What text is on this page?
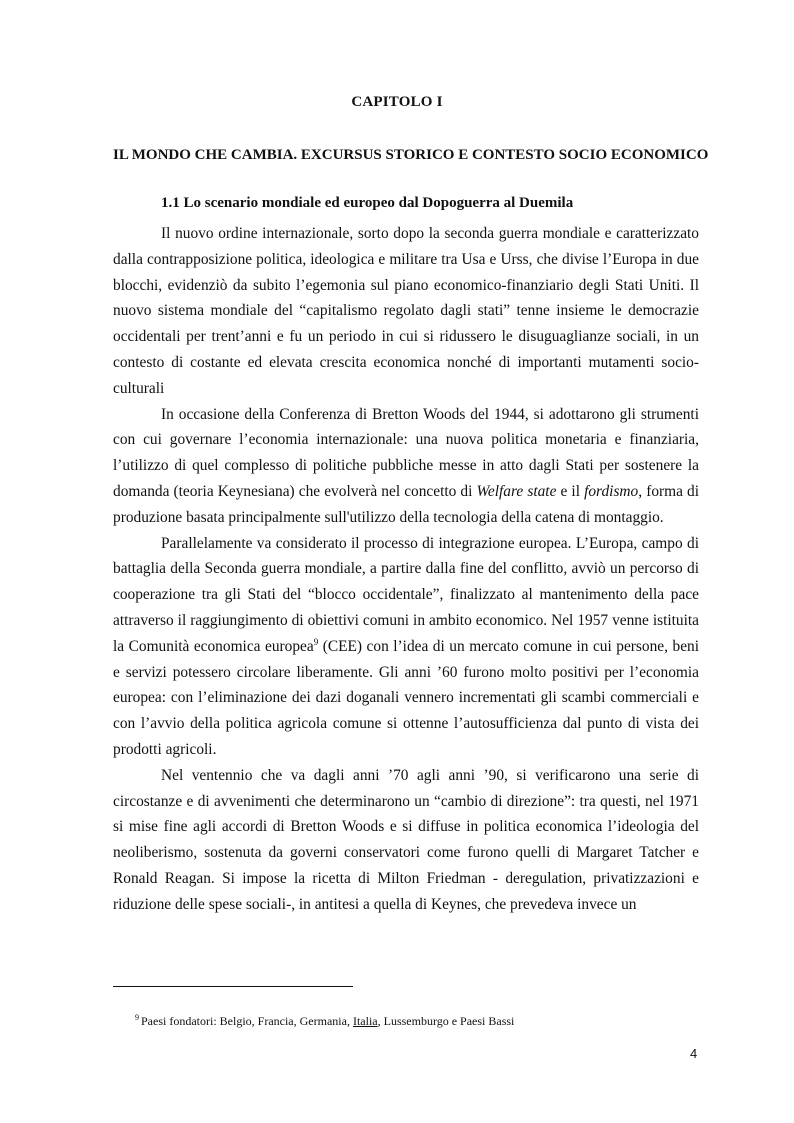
CAPITOLO I
IL MONDO CHE CAMBIA. EXCURSUS STORICO E CONTESTO SOCIO ECONOMICO
1.1 Lo scenario mondiale ed europeo dal Dopoguerra al Duemila

Il nuovo ordine internazionale, sorto dopo la seconda guerra mondiale e caratterizzato dalla contrapposizione politica, ideologica e militare tra Usa e Urss, che divise l’Europa in due blocchi, evidenziò da subito l’egemonia sul piano economico-finanziario degli Stati Uniti. Il nuovo sistema mondiale del “capitalismo regolato dagli stati” tenne insieme le democrazie occidentali per trent’anni e fu un periodo in cui si ridussero le disuguaglianze sociali, in un contesto di costante ed elevata crescita economica nonché di importanti mutamenti socio-culturali

In occasione della Conferenza di Bretton Woods del 1944, si adottarono gli strumenti con cui governare l’economia internazionale: una nuova politica monetaria e finanziaria, l’utilizzo di quel complesso di politiche pubbliche messe in atto dagli Stati per sostenere la domanda (teoria Keynesiana) che evolverà nel concetto di Welfare state e il fordismo, forma di produzione basata principalmente sull'utilizzo della tecnologia della catena di montaggio.

Parallelamente va considerato il processo di integrazione europea. L’Europa, campo di battaglia della Seconda guerra mondiale, a partire dalla fine del conflitto, avviò un percorso di cooperazione tra gli Stati del “blocco occidentale”, finalizzato al mantenimento della pace attraverso il raggiungimento di obiettivi comuni in ambito economico. Nel 1957 venne istituita la Comunità economica europea$^9$ (CEE) con l’idea di un mercato comune in cui persone, beni e servizi potessero circolare liberamente. Gli anni ’60 furono molto positivi per l’economia europea: con l’eliminazione dei dazi doganali vennero incrementati gli scambi commerciali e con l’avvio della politica agricola comune si ottenne l’autosufficienza dal punto di vista dei prodotti agricoli.

Nel ventennio che va dagli anni ’70 agli anni ’90, si verificarono una serie di circostanze e di avvenimenti che determinarono un “cambio di direzione”: tra questi, nel 1971 si mise fine agli accordi di Bretton Woods e si diffuse in politica economica l’ideologia del neoliberismo, sostenuta da governi conservatori come furono quelli di Margaret Tatcher e Ronald Reagan. Si impose la ricetta di Milton Friedman - deregulation, privatizzazioni e riduzione delle spese sociali-, in antitesi a quella di Keynes, che prevedeva invece un

$^9$ Paesi fondatori: Belgio, Francia, Germania, Italia, Lussemburgo e Paesi Bassi
4
